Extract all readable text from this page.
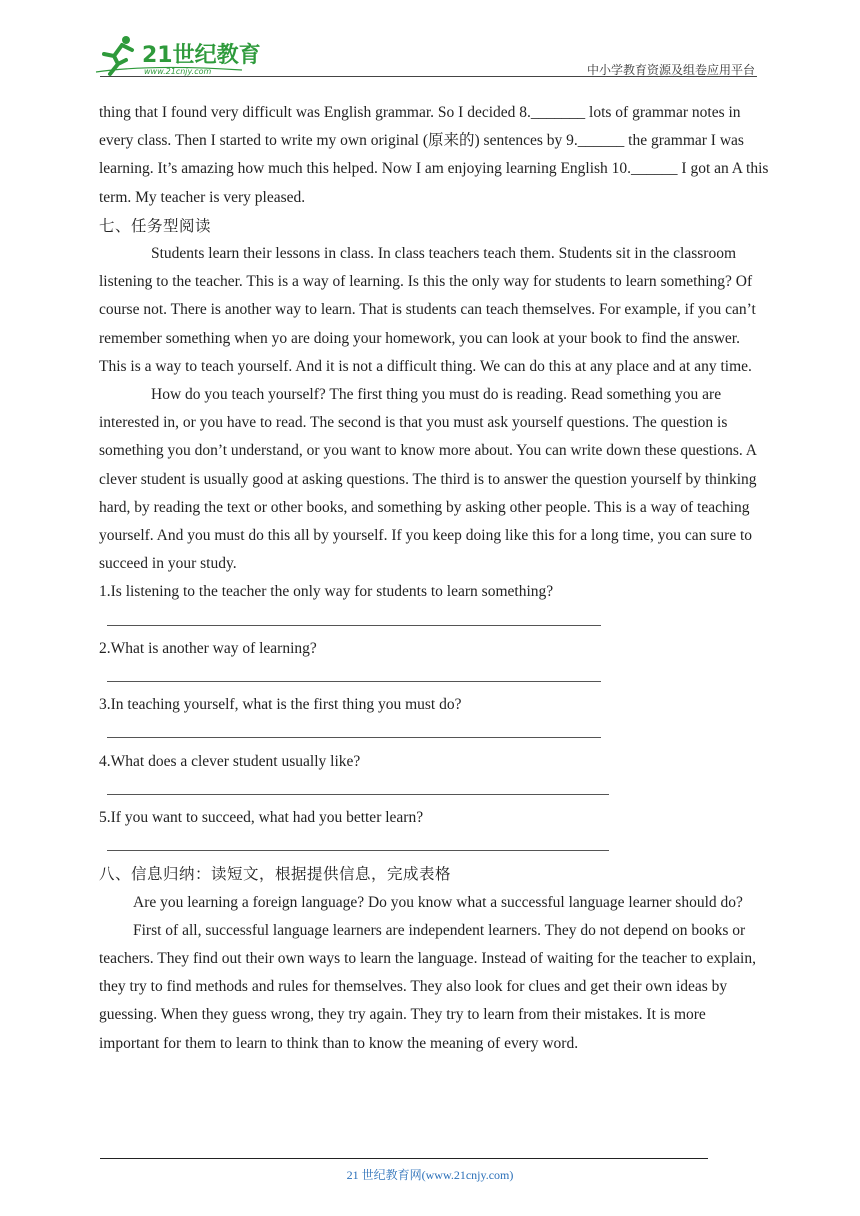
21世纪教育
www.21cnjy.com	中小学教育资源及组卷应用平台

thing that I found very difficult was English grammar. So I decided 8._______ lots of grammar notes in every class. Then I started to write my own original (原来的) sentences by 9.______ the grammar I was learning. It’s amazing how much this helped. Now I am enjoying learning English 10.______ I got an A this term. My teacher is very pleased.

七、任务型阅读

Students learn their lessons in class. In class teachers teach them. Students sit in the classroom listening to the teacher. This is a way of learning. Is this the only way for students to learn something? Of course not. There is another way to learn. That is students can teach themselves. For example, if you can’t remember something when yo are doing your homework, you can look at your book to find the answer. This is a way to teach yourself. And it is not a difficult thing. We can do this at any place and at any time.

How do you teach yourself? The first thing you must do is reading. Read something you are interested in, or you have to read. The second is that you must ask yourself questions. The question is something you don’t understand, or you want to know more about. You can write down these questions. A clever student is usually good at asking questions. The third is to answer the question yourself by thinking hard, by reading the text or other books, and something by asking other people. This is a way of teaching yourself. And you must do this all by yourself. If you keep doing like this for a long time, you can sure to succeed in your study.

1.Is listening to the teacher the only way for students to learn something?

2.What is another way of learning?

3.In teaching yourself, what is the first thing you must do?

4.What does a clever student usually like?

5.If you want to succeed, what had you better learn?

八、信息归纳：读短文，根据提供信息，完成表格

Are you learning a foreign language? Do you know what a successful language learner should do?

First of all, successful language learners are independent learners. They do not depend on books or teachers. They find out their own ways to learn the language. Instead of waiting for the teacher to explain, they try to find methods and rules for themselves. They also look for clues and get their own ideas by guessing. When they guess wrong, they try again. They try to learn from their mistakes. It is more important for them to learn to think than to know the meaning of every word.

21 世纪教育网(www.21cnjy.com)
